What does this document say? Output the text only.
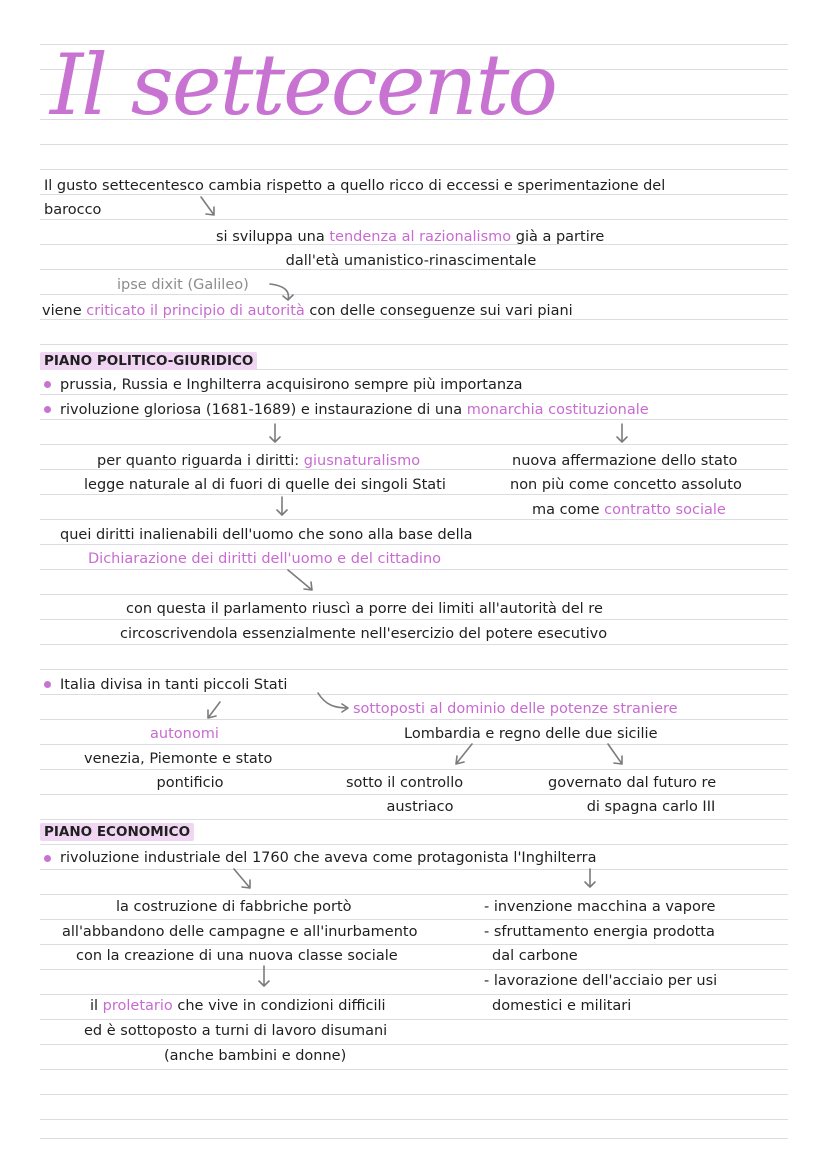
Il settecento
Il gusto settecentesco cambia rispetto a quello ricco di eccessi e sperimentazione del
barocco
si sviluppa una tendenza al razionalismo già a partire
dall'età umanistico-rinascimentale
ipse dixit (Galileo)
viene criticato il principio di autorità con delle conseguenze sui vari piani
PIANO POLITICO-GIURIDICO
prussia, Russia e Inghilterra acquisirono sempre più importanza
rivoluzione gloriosa (1681-1689) e instaurazione di una monarchia costituzionale
per quanto riguarda i diritti: giusnaturalismo
legge naturale al di fuori di quelle dei singoli Stati
nuova affermazione dello stato
non più come concetto assoluto
ma come contratto sociale
quei diritti inalienabili dell'uomo che sono alla base della
Dichiarazione dei diritti dell'uomo e del cittadino
con questa il parlamento riuscì a porre dei limiti all'autorità del re
circoscrivendola essenzialmente nell'esercizio del potere esecutivo
Italia divisa in tanti piccoli Stati
sottoposti al dominio delle potenze straniere
autonomi
venezia, Piemonte e stato
pontificio
Lombardia e regno delle due sicilie
sotto il controllo
austriaco
governato dal futuro re
di spagna carlo III
PIANO ECONOMICO
rivoluzione industriale del 1760 che aveva come protagonista l'Inghilterra
la costruzione di fabbriche portò
all'abbandono delle campagne e all'inurbamento
con la creazione di una nuova classe sociale
il proletario che vive in condizioni difficili
ed è sottoposto a turni di lavoro disumani
(anche bambini e donne)
- invenzione macchina a vapore
- sfruttamento energia prodotta
dal carbone
- lavorazione dell'acciaio per usi
domestici e militari
